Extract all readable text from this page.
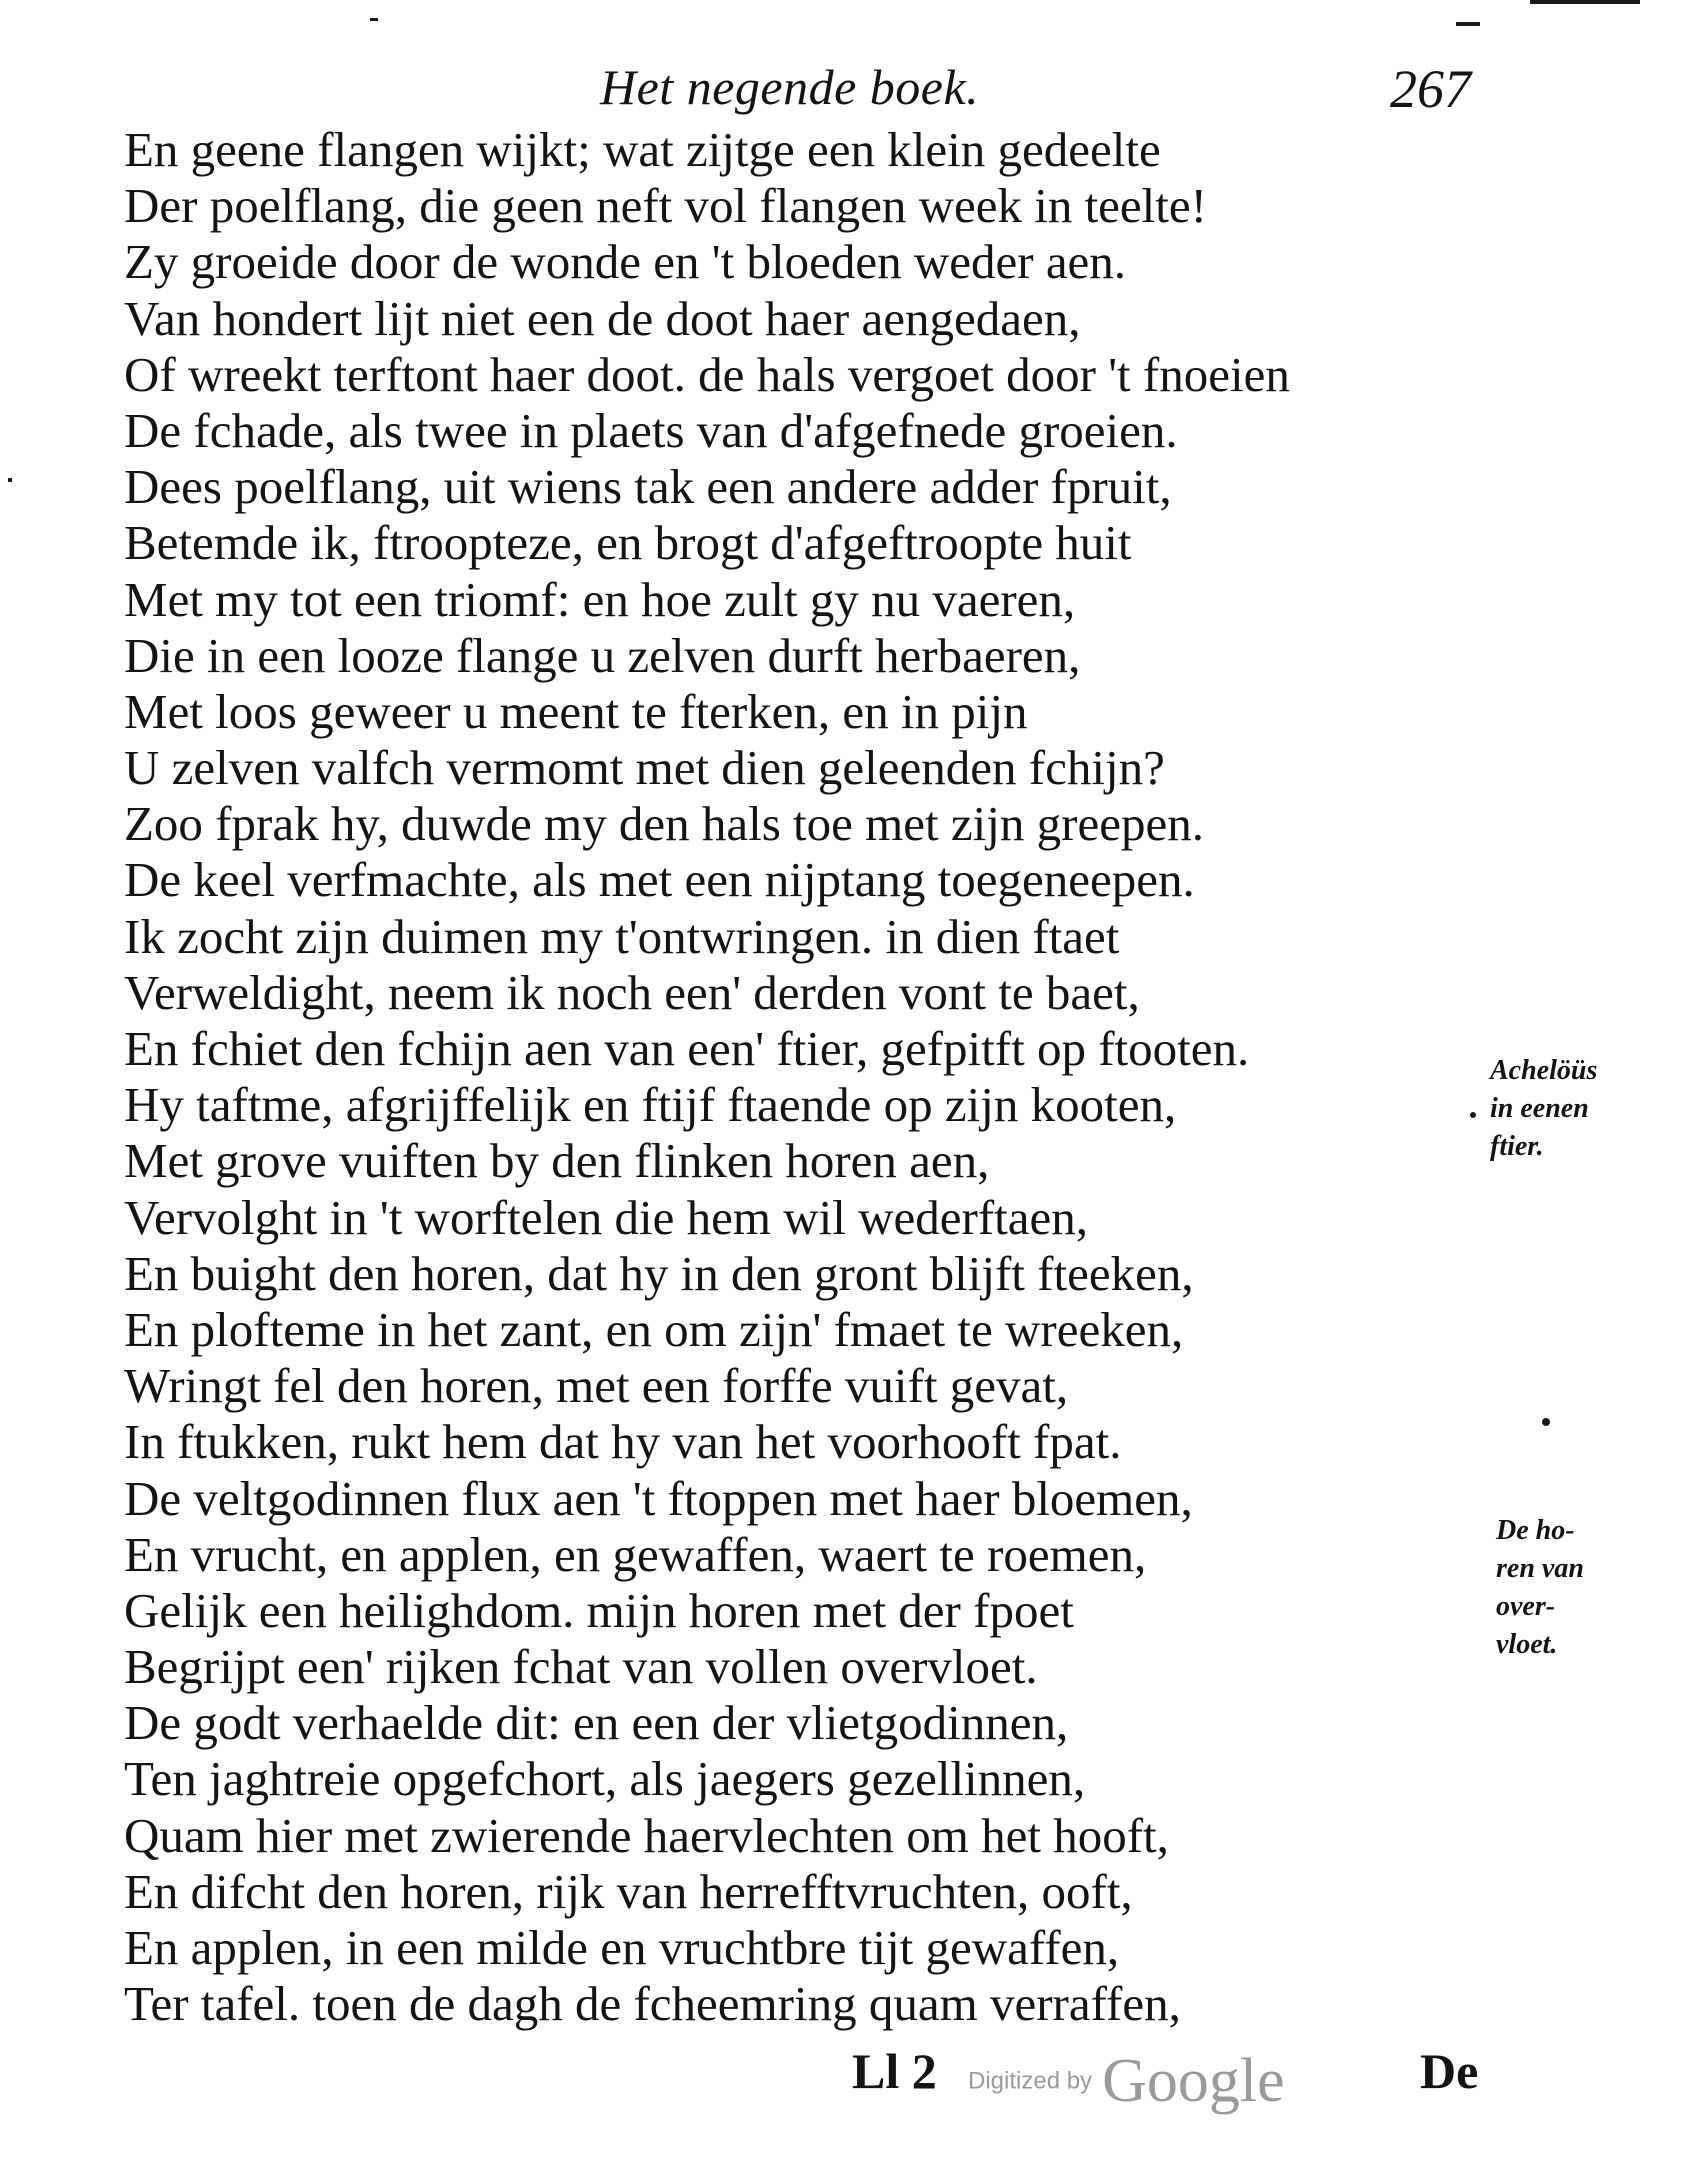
Het negende boek.	267
En geene flangen wijkt; wat zijtge een klein gedeelte
Der poelflang, die geen neft vol flangen week in teelte!
Zy groeide door de wonde en 't bloeden weder aen.
Van hondert lijt niet een de doot haer aengedaen,
Of wreekt terftont haer doot. de hals vergoet door 't fnoeien
De fchade, als twee in plaets van d'afgefnede groeien.
Dees poelflang, uit wiens tak een andere adder fpruit,
Betemde ik, ftroopteze, en brogt d'afgeftroopte huit
Met my tot een triomf: en hoe zult gy nu vaeren,
Die in een looze flange u zelven durft herbaeren,
Met loos geweer u meent te fterken, en in pijn
U zelven valfch vermomt met dien geleenden fchijn?
Zoo fprak hy, duwde my den hals toe met zijn greepen.
De keel verfmachte, als met een nijptang toegeneepen.
Ik zocht zijn duimen my t'ontwringen. in dien ftaet
Verweldight, neem ik noch een' derden vont te baet,
En fchiet den fchijn aen van een' ftier, gefpitft op ftooten.
Hy taftme, afgrijffelijk en ftijf ftaende op zijn kooten,
Met grove vuiften by den flinken horen aen,
Vervolght in 't worftelen die hem wil wederftaen,
En buight den horen, dat hy in den gront blijft fteeken,
En plofteme in het zant, en om zijn' fmaet te wreeken,
Wringt fel den horen, met een forffe vuift gevat,
In ftukken, rukt hem dat hy van het voorhooft fpat.
De veltgodinnen flux aen 't ftoppen met haer bloemen,
En vrucht, en applen, en gewaffen, waert te roemen,
Gelijk een heilighdom. mijn horen met der fpoet
Begrijpt een' rijken fchat van vollen overvloet.
De godt verhaelde dit: en een der vlietgodinnen,
Ten jaghtreie opgefchort, als jaegers gezellinnen,
Quam hier met zwierende haervlechten om het hooft,
En difcht den horen, rijk van herrefftvruchten, ooft,
En applen, in een milde en vruchtbre tijt gewaffen,
Ter tafel. toen de dagh de fcheemring quam verraffen,
Achelöüs
in eenen
ftier.
De ho-
ren van
over-
vloet.
Ll 2 Digitized by Google	De
